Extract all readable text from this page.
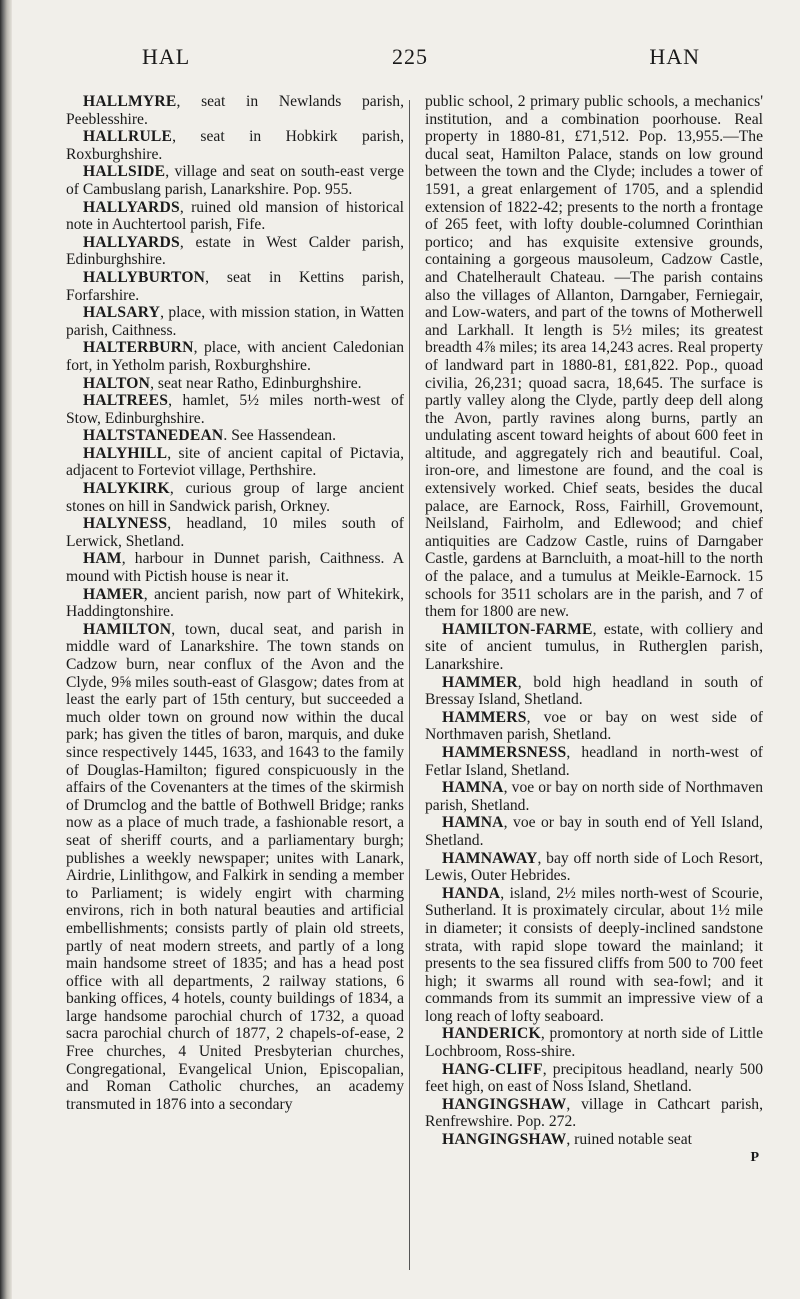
HAL	225	HAN

HALLMYRE, seat in Newlands parish, Peeblesshire.

HALLRULE, seat in Hobkirk parish, Roxburghshire.

HALLSIDE, village and seat on south-east verge of Cambuslang parish, Lanarkshire. Pop. 955.

HALLYARDS, ruined old mansion of historical note in Auchtertool parish, Fife.

HALLYARDS, estate in West Calder parish, Edinburghshire.

HALLYBURTON, seat in Kettins parish, Forfarshire.

HALSARY, place, with mission station, in Watten parish, Caithness.

HALTERBURN, place, with ancient Caledonian fort, in Yetholm parish, Roxburghshire.

HALTON, seat near Ratho, Edinburghshire.

HALTREES, hamlet, 5½ miles north-west of Stow, Edinburghshire.

HALTSTANEDEAN. See Hassendean.

HALYHILL, site of ancient capital of Pictavia, adjacent to Forteviot village, Perthshire.

HALYKIRK, curious group of large ancient stones on hill in Sandwick parish, Orkney.

HALYNESS, headland, 10 miles south of Lerwick, Shetland.

HAM, harbour in Dunnet parish, Caithness. A mound with Pictish house is near it.

HAMER, ancient parish, now part of Whitekirk, Haddingtonshire.

HAMILTON, town, ducal seat, and parish in middle ward of Lanarkshire. The town stands on Cadzow burn, near conflux of the Avon and the Clyde, 9⅝ miles south-east of Glasgow; dates from at least the early part of 15th century, but succeeded a much older town on ground now within the ducal park; has given the titles of baron, marquis, and duke since respectively 1445, 1633, and 1643 to the family of Douglas-Hamilton; figured conspicuously in the affairs of the Covenanters at the times of the skirmish of Drumclog and the battle of Bothwell Bridge; ranks now as a place of much trade, a fashionable resort, a seat of sheriff courts, and a parliamentary burgh; publishes a weekly newspaper; unites with Lanark, Airdrie, Linlithgow, and Falkirk in sending a member to Parliament; is widely engirt with charming environs, rich in both natural beauties and artificial embellishments; consists partly of plain old streets, partly of neat modern streets, and partly of a long main handsome street of 1835; and has a head post office with all departments, 2 railway stations, 6 banking offices, 4 hotels, county buildings of 1834, a large handsome parochial church of 1732, a quoad sacra parochial church of 1877, 2 chapels-of-ease, 2 Free churches, 4 United Presbyterian churches, Congregational, Evangelical Union, Episcopalian, and Roman Catholic churches, an academy transmuted in 1876 into a secondary

public school, 2 primary public schools, a mechanics' institution, and a combination poorhouse. Real property in 1880-81, £71,512. Pop. 13,955.—The ducal seat, Hamilton Palace, stands on low ground between the town and the Clyde; includes a tower of 1591, a great enlargement of 1705, and a splendid extension of 1822-42; presents to the north a frontage of 265 feet, with lofty double-columned Corinthian portico; and has exquisite extensive grounds, containing a gorgeous mausoleum, Cadzow Castle, and Chatelherault Chateau. —The parish contains also the villages of Allanton, Darngaber, Ferniegair, and Low-waters, and part of the towns of Motherwell and Larkhall. It length is 5½ miles; its greatest breadth 4⅞ miles; its area 14,243 acres. Real property of landward part in 1880-81, £81,822. Pop., quoad civilia, 26,231; quoad sacra, 18,645. The surface is partly valley along the Clyde, partly deep dell along the Avon, partly ravines along burns, partly an undulating ascent toward heights of about 600 feet in altitude, and aggregately rich and beautiful. Coal, iron-ore, and limestone are found, and the coal is extensively worked. Chief seats, besides the ducal palace, are Earnock, Ross, Fairhill, Grovemount, Neilsland, Fairholm, and Edlewood; and chief antiquities are Cadzow Castle, ruins of Darngaber Castle, gardens at Barncluith, a moat-hill to the north of the palace, and a tumulus at Meikle-Earnock. 15 schools for 3511 scholars are in the parish, and 7 of them for 1800 are new.

HAMILTON-FARME, estate, with colliery and site of ancient tumulus, in Rutherglen parish, Lanarkshire.

HAMMER, bold high headland in south of Bressay Island, Shetland.

HAMMERS, voe or bay on west side of Northmaven parish, Shetland.

HAMMERSNESS, headland in north-west of Fetlar Island, Shetland.

HAMNA, voe or bay on north side of Northmaven parish, Shetland.

HAMNA, voe or bay in south end of Yell Island, Shetland.

HAMNAWAY, bay off north side of Loch Resort, Lewis, Outer Hebrides.

HANDA, island, 2½ miles north-west of Scourie, Sutherland. It is proximately circular, about 1½ mile in diameter; it consists of deeply-inclined sandstone strata, with rapid slope toward the mainland; it presents to the sea fissured cliffs from 500 to 700 feet high; it swarms all round with sea-fowl; and it commands from its summit an impressive view of a long reach of lofty seaboard.

HANDERICK, promontory at north side of Little Lochbroom, Ross-shire.

HANG-CLIFF, precipitous headland, nearly 500 feet high, on east of Noss Island, Shetland.

HANGINGSHAW, village in Cathcart parish, Renfrewshire. Pop. 272.

HANGINGSHAW, ruined notable seat

P
